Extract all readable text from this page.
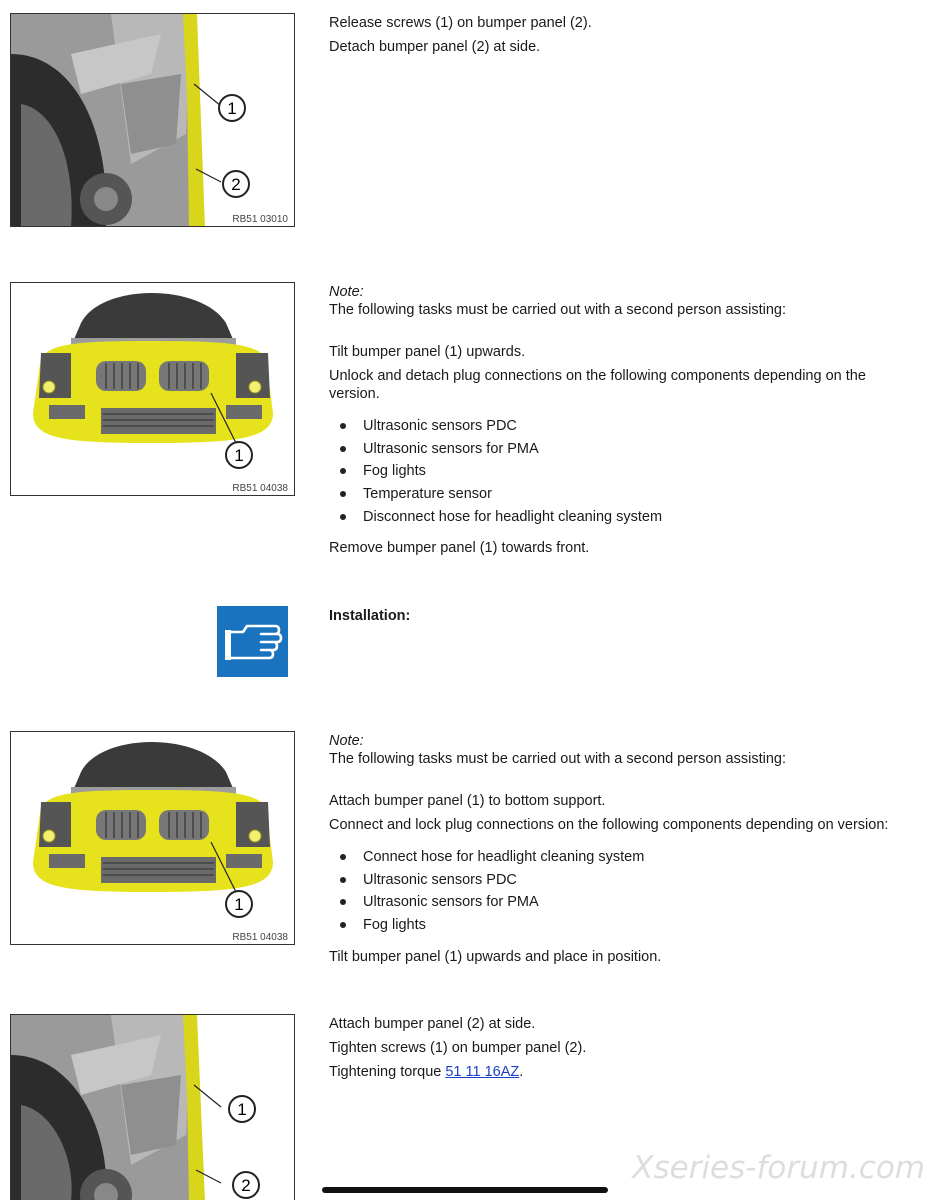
1
2
RB51 03010

Release screws (1) on bumper panel (2).

Detach bumper panel (2) at side.

1
RB51 04038

Note:

The following tasks must be carried out with a second person assisting:

Tilt bumper panel (1) upwards.

Unlock and detach plug connections on the following components depending on the version.

Ultrasonic sensors PDC
Ultrasonic sensors for PMA
Fog lights
Temperature sensor
Disconnect hose for headlight cleaning system

Remove bumper panel (1) towards front.

Installation:

1
RB51 04038

Note:

The following tasks must be carried out with a second person assisting:

Attach bumper panel (1) to bottom support.

Connect and lock plug connections on the following components depending on version:

Connect hose for headlight cleaning system
Ultrasonic sensors PDC
Ultrasonic sensors for PMA
Fog lights

Tilt bumper panel (1) upwards and place in position.

1
2

Attach bumper panel (2) at side.

Tighten screws (1) on bumper panel (2).

Tightening torque 51 11 16AZ.

Xseries-forum.com
